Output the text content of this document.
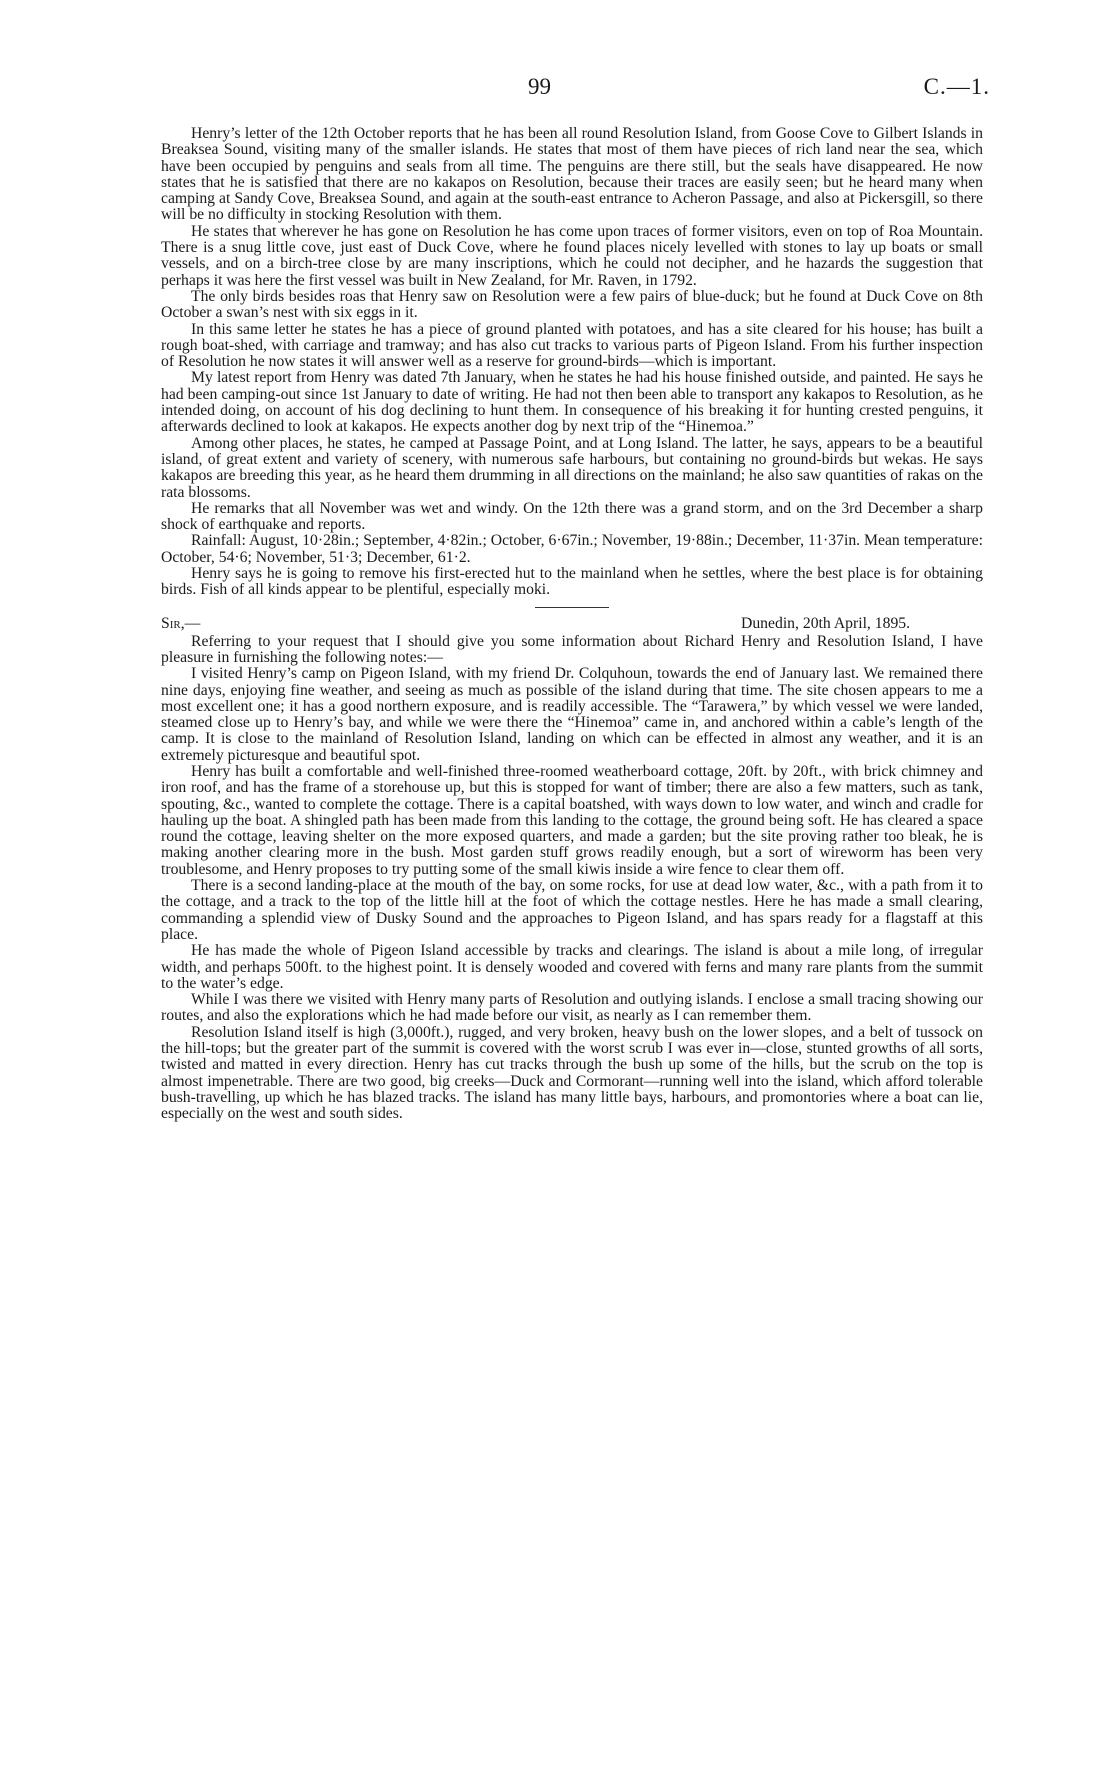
99	C.—1.

Henry’s letter of the 12th October reports that he has been all round Resolution Island, from Goose Cove to Gilbert Islands in Breaksea Sound, visiting many of the smaller islands. He states that most of them have pieces of rich land near the sea, which have been occupied by penguins and seals from all time. The penguins are there still, but the seals have disappeared. He now states that he is satisfied that there are no kakapos on Resolution, because their traces are easily seen; but he heard many when camping at Sandy Cove, Breaksea Sound, and again at the south-east entrance to Acheron Passage, and also at Pickersgill, so there will be no difficulty in stocking Resolution with them.

He states that wherever he has gone on Resolution he has come upon traces of former visitors, even on top of Roa Mountain. There is a snug little cove, just east of Duck Cove, where he found places nicely levelled with stones to lay up boats or small vessels, and on a birch-tree close by are many inscriptions, which he could not decipher, and he hazards the suggestion that perhaps it was here the first vessel was built in New Zealand, for Mr. Raven, in 1792.

The only birds besides roas that Henry saw on Resolution were a few pairs of blue-duck; but he found at Duck Cove on 8th October a swan’s nest with six eggs in it.

In this same letter he states he has a piece of ground planted with potatoes, and has a site cleared for his house; has built a rough boat-shed, with carriage and tramway; and has also cut tracks to various parts of Pigeon Island. From his further inspection of Resolution he now states it will answer well as a reserve for ground-birds—which is important.

My latest report from Henry was dated 7th January, when he states he had his house finished outside, and painted. He says he had been camping-out since 1st January to date of writing. He had not then been able to transport any kakapos to Resolution, as he intended doing, on account of his dog declining to hunt them. In consequence of his breaking it for hunting crested penguins, it afterwards declined to look at kakapos. He expects another dog by next trip of the “Hinemoa.”

Among other places, he states, he camped at Passage Point, and at Long Island. The latter, he says, appears to be a beautiful island, of great extent and variety of scenery, with numerous safe harbours, but containing no ground-birds but wekas. He says kakapos are breeding this year, as he heard them drumming in all directions on the mainland; he also saw quantities of rakas on the rata blossoms.

He remarks that all November was wet and windy. On the 12th there was a grand storm, and on the 3rd December a sharp shock of earthquake and reports.

Rainfall: August, 10·28in.; September, 4·82in.; October, 6·67in.; November, 19·88in.; December, 11·37in. Mean temperature: October, 54·6; November, 51·3; December, 61·2.

Henry says he is going to remove his first-erected hut to the mainland when he settles, where the best place is for obtaining birds. Fish of all kinds appear to be plentiful, especially moki.

Sir,—	Dunedin, 20th April, 1895.

Referring to your request that I should give you some information about Richard Henry and Resolution Island, I have pleasure in furnishing the following notes:—

I visited Henry’s camp on Pigeon Island, with my friend Dr. Colquhoun, towards the end of January last. We remained there nine days, enjoying fine weather, and seeing as much as possible of the island during that time. The site chosen appears to me a most excellent one; it has a good northern exposure, and is readily accessible. The “Tarawera,” by which vessel we were landed, steamed close up to Henry’s bay, and while we were there the “Hinemoa” came in, and anchored within a cable’s length of the camp. It is close to the mainland of Resolution Island, landing on which can be effected in almost any weather, and it is an extremely picturesque and beautiful spot.

Henry has built a comfortable and well-finished three-roomed weatherboard cottage, 20ft. by 20ft., with brick chimney and iron roof, and has the frame of a storehouse up, but this is stopped for want of timber; there are also a few matters, such as tank, spouting, &c., wanted to complete the cottage. There is a capital boatshed, with ways down to low water, and winch and cradle for hauling up the boat. A shingled path has been made from this landing to the cottage, the ground being soft. He has cleared a space round the cottage, leaving shelter on the more exposed quarters, and made a garden; but the site proving rather too bleak, he is making another clearing more in the bush. Most garden stuff grows readily enough, but a sort of wireworm has been very troublesome, and Henry proposes to try putting some of the small kiwis inside a wire fence to clear them off.

There is a second landing-place at the mouth of the bay, on some rocks, for use at dead low water, &c., with a path from it to the cottage, and a track to the top of the little hill at the foot of which the cottage nestles. Here he has made a small clearing, commanding a splendid view of Dusky Sound and the approaches to Pigeon Island, and has spars ready for a flagstaff at this place.

He has made the whole of Pigeon Island accessible by tracks and clearings. The island is about a mile long, of irregular width, and perhaps 500ft. to the highest point. It is densely wooded and covered with ferns and many rare plants from the summit to the water’s edge.

While I was there we visited with Henry many parts of Resolution and outlying islands. I enclose a small tracing showing our routes, and also the explorations which he had made before our visit, as nearly as I can remember them.

Resolution Island itself is high (3,000ft.), rugged, and very broken, heavy bush on the lower slopes, and a belt of tussock on the hill-tops; but the greater part of the summit is covered with the worst scrub I was ever in—close, stunted growths of all sorts, twisted and matted in every direction. Henry has cut tracks through the bush up some of the hills, but the scrub on the top is almost impenetrable. There are two good, big creeks—Duck and Cormorant—running well into the island, which afford tolerable bush-travelling, up which he has blazed tracks. The island has many little bays, harbours, and promontories where a boat can lie, especially on the west and south sides.
